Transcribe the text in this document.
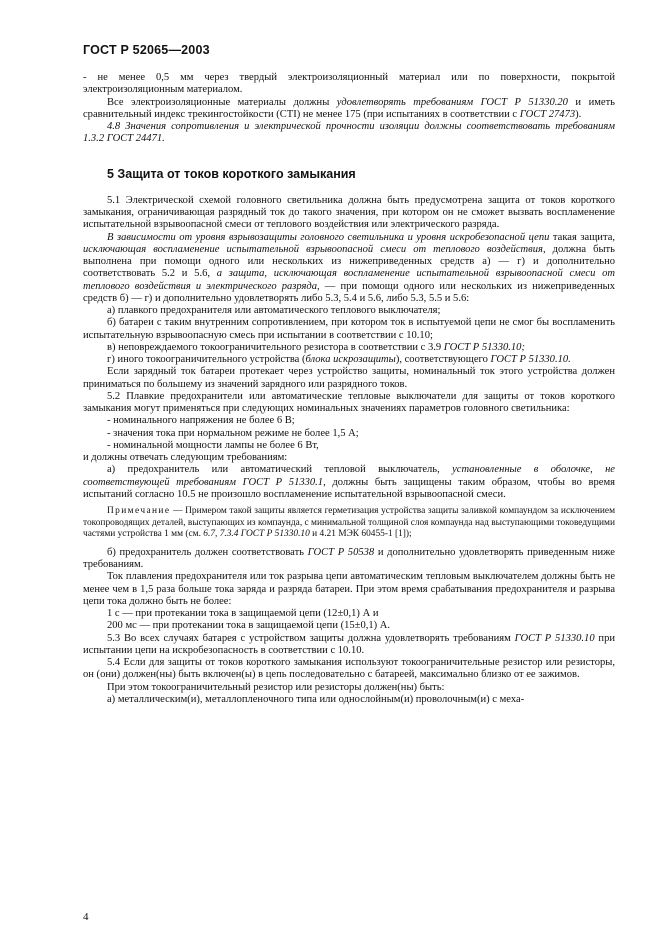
ГОСТ Р 52065—2003

- не менее 0,5 мм через твердый электроизоляционный материал или по поверхности, покрытой электроизоляционным материалом.

Все электроизоляционные материалы должны удовлетворять требованиям ГОСТ Р 51330.20 и иметь сравнительный индекс трекингостойкости (CTI) не менее 175 (при испытаниях в соответствии с ГОСТ 27473).

4.8 Значения сопротивления и электрической прочности изоляции должны соответствовать требованиям 1.3.2 ГОСТ 24471.

5 Защита от токов короткого замыкания

5.1 Электрической схемой головного светильника должна быть предусмотрена защита от токов короткого замыкания, ограничивающая разрядный ток до такого значения, при котором он не сможет вызвать воспламенение испытательной взрывоопасной смеси от теплового воздействия или электрического разряда.

В зависимости от уровня взрывозащиты головного светильника и уровня искробезопасной цепи такая защита, исключающая воспламенение испытательной взрывоопасной смеси от теплового воздействия, должна быть выполнена при помощи одного или нескольких из нижеприведенных средств а) — г) и дополнительно соответствовать 5.2 и 5.6, а защита, исключающая воспламенение испытательной взрывоопасной смеси от теплового воздействия и электрического разряда, — при помощи одного или нескольких из нижеприведенных средств б) — г) и дополнительно удовлетворять либо 5.3, 5.4 и 5.6, либо 5.3, 5.5 и 5.6:

а) плавкого предохранителя или автоматического теплового выключателя;

б) батареи с таким внутренним сопротивлением, при котором ток в испытуемой цепи не смог бы воспламенить испытательную взрывоопасную смесь при испытании в соответствии с 10.10;

в) неповреждаемого токоограничительного резистора в соответствии с 3.9 ГОСТ Р 51330.10;

г) иного токоограничительного устройства (блока искрозащиты), соответствующего ГОСТ Р 51330.10.

Если зарядный ток батареи протекает через устройство защиты, номинальный ток этого устройства должен приниматься по большему из значений зарядного или разрядного токов.

5.2 Плавкие предохранители или автоматические тепловые выключатели для защиты от токов короткого замыкания могут применяться при следующих номинальных значениях параметров головного светильника:

- номинального напряжения не более 6 В;

- значения тока при нормальном режиме не более 1,5 А;

- номинальной мощности лампы не более 6 Вт,

и должны отвечать следующим требованиям:

а) предохранитель или автоматический тепловой выключатель, установленные в оболочке, не соответствующей требованиям ГОСТ Р 51330.1, должны быть защищены таким образом, чтобы во время испытаний согласно 10.5 не произошло воспламенение испытательной взрывоопасной смеси.

Примечание — Примером такой защиты является герметизация устройства защиты заливкой компаундом за исключением токопроводящих деталей, выступающих из компаунда, с минимальной толщиной слоя компаунда над выступающими токоведущими частями устройства 1 мм (см. 6.7, 7.3.4 ГОСТ Р 51330.10 и 4.21 МЭК 60455-1 [1]);

б) предохранитель должен соответствовать ГОСТ Р 50538 и дополнительно удовлетворять приведенным ниже требованиям.

Ток плавления предохранителя или ток разрыва цепи автоматическим тепловым выключателем должны быть не менее чем в 1,5 раза больше тока заряда и разряда батареи. При этом время срабатывания предохранителя и разрыва цепи тока должно быть не более:

1 с — при протекании тока в защищаемой цепи (12±0,1) А и

200 мс — при протекании тока в защищаемой цепи (15±0,1) А.

5.3 Во всех случаях батарея с устройством защиты должна удовлетворять требованиям ГОСТ Р 51330.10 при испытании цепи на искробезопасность в соответствии с 10.10.

5.4 Если для защиты от токов короткого замыкания используют токоограничительные резистор или резисторы, он (они) должен(ны) быть включен(ы) в цепь последовательно с батареей, максимально близко от ее зажимов.

При этом токоограничительный резистор или резисторы должен(ны) быть:

а) металлическим(и), металлопленочного типа или однослойным(и) проволочным(и) с меха-

4
